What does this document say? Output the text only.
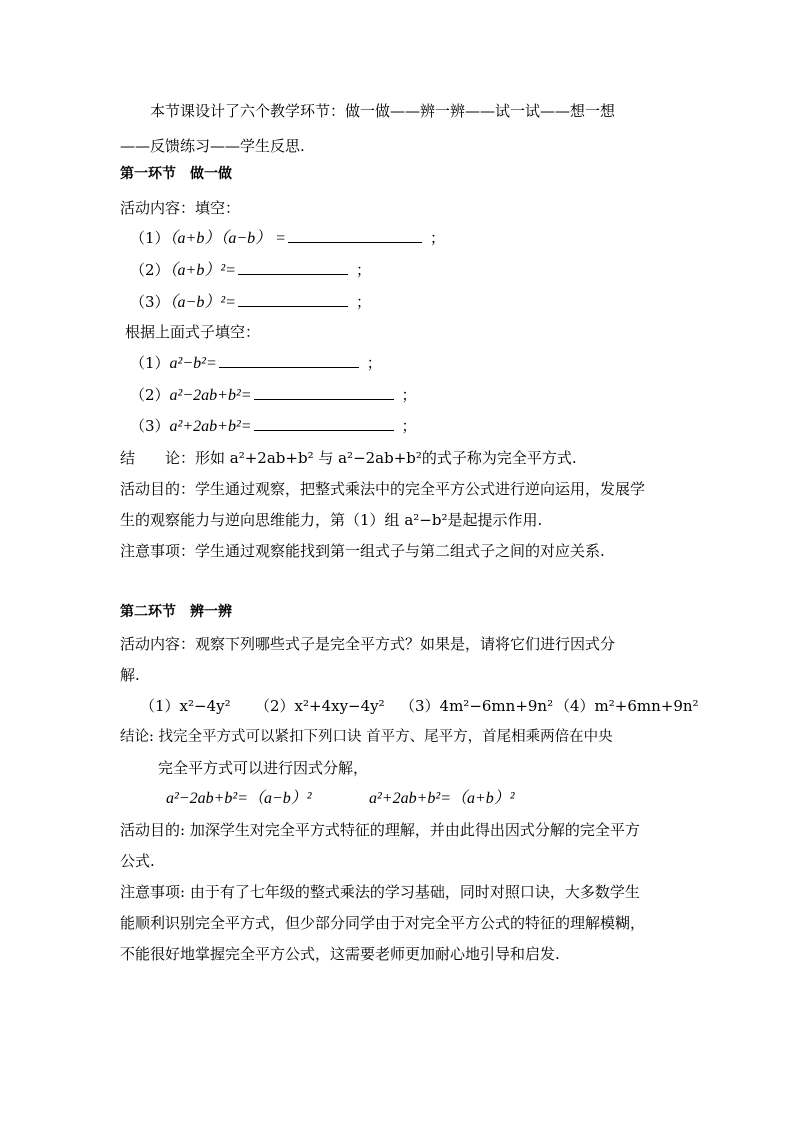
本节课设计了六个教学环节：做一做——辨一辨——试一试——想一想
——反馈练习——学生反思.
第一环节　做一做
活动内容：填空：
（1）（a+b）（a−b） =	；
（2）（a+b）²=	；
（3）（a−b）²=	；
根据上面式子填空：
（1）a²−b²=	；
（2）a²−2ab+b²=	；
（3）a²+2ab+b²=	；
结　　论：形如 a²+2ab+b² 与 a²−2ab+b²的式子称为完全平方式.
活动目的：学生通过观察，把整式乘法中的完全平方公式进行逆向运用，发展学
生的观察能力与逆向思维能力，第（1）组 a²−b²是起提示作用.
注意事项：学生通过观察能找到第一组式子与第二组式子之间的对应关系.
第二环节　辨一辨
活动内容：观察下列哪些式子是完全平方式？如果是，请将它们进行因式分
解.
（1）x²−4y² （2）x²+4xy−4y² （3）4m²−6mn+9n² （4）m²+6mn+9n²
结论: 找完全平方式可以紧扣下列口诀 首平方、尾平方，首尾相乘两倍在中央
完全平方式可以进行因式分解，
a²−2ab+b²=（a−b）²	a²+2ab+b²=（a+b）²
活动目的: 加深学生对完全平方式特征的理解，并由此得出因式分解的完全平方
公式.
注意事项: 由于有了七年级的整式乘法的学习基础，同时对照口诀，大多数学生
能顺利识别完全平方式，但少部分同学由于对完全平方公式的特征的理解模糊，
不能很好地掌握完全平方公式，这需要老师更加耐心地引导和启发.
